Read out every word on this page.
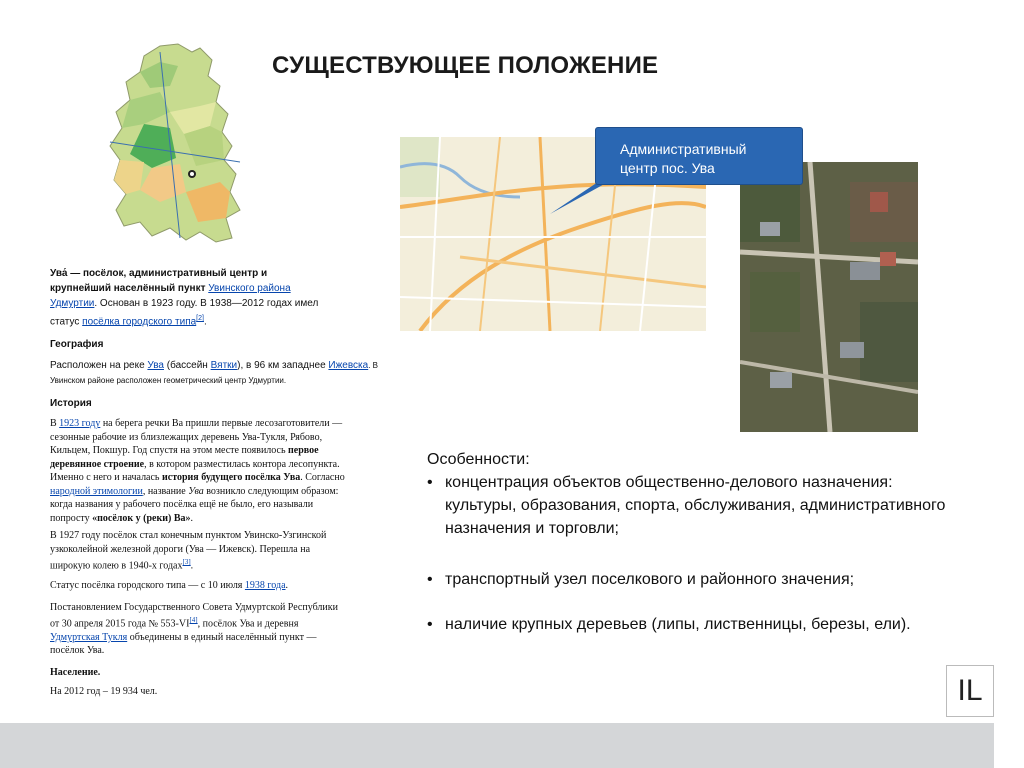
СУЩЕСТВУЮЩЕЕ ПОЛОЖЕНИЕ
Ува́ — посёлок, административный центр и крупнейший населённый пункт Увинского района Удмуртии. Основан в 1923 году. В 1938—2012 годах имел статус посёлка городского типа[2].
География
Расположен на реке Ува (бассейн Вятки), в 96 км западнее Ижевска. В Увинском районе расположен геометрический центр Удмуртии.
История
В 1923 году на берега речки Ва пришли первые лесозаготовители — сезонные рабочие из близлежащих деревень Ува-Тукля, Рябово, Кильцем, Покшур. Год спустя на этом месте появилось первое деревянное строение, в котором разместилась контора лесопункта. Именно с него и началась история будущего посёлка Ува. Согласно народной этимологии, название Ува возникло следующим образом: когда названия у рабочего посёлка ещё не было, его называли попросту «посёлок у (реки) Ва».
В 1927 году посёлок стал конечным пунктом Увинско-Узгинской узкоколейной железной дороги (Ува — Ижевск). Перешла на широкую колею в 1940-х годах[3].
Статус посёлка городского типа — с 10 июля 1938 года.
Постановлением Государственного Совета Удмуртской Республики от 30 апреля 2015 года № 553-VI[4], посёлок Ува и деревня Удмуртская Тукля объединены в единый населённый пункт — посёлок Ува.
Население.
На 2012 год – 19 934 чел.
Административный
центр пос. Ува
Особенности:
• концентрация объектов общественно-делового назначения: культуры, образования, спорта, обслуживания, административного назначения и торговли;
• транспортный узел поселкового и районного значения;
• наличие крупных деревьев (липы, лиственницы, березы, ели).
IL
